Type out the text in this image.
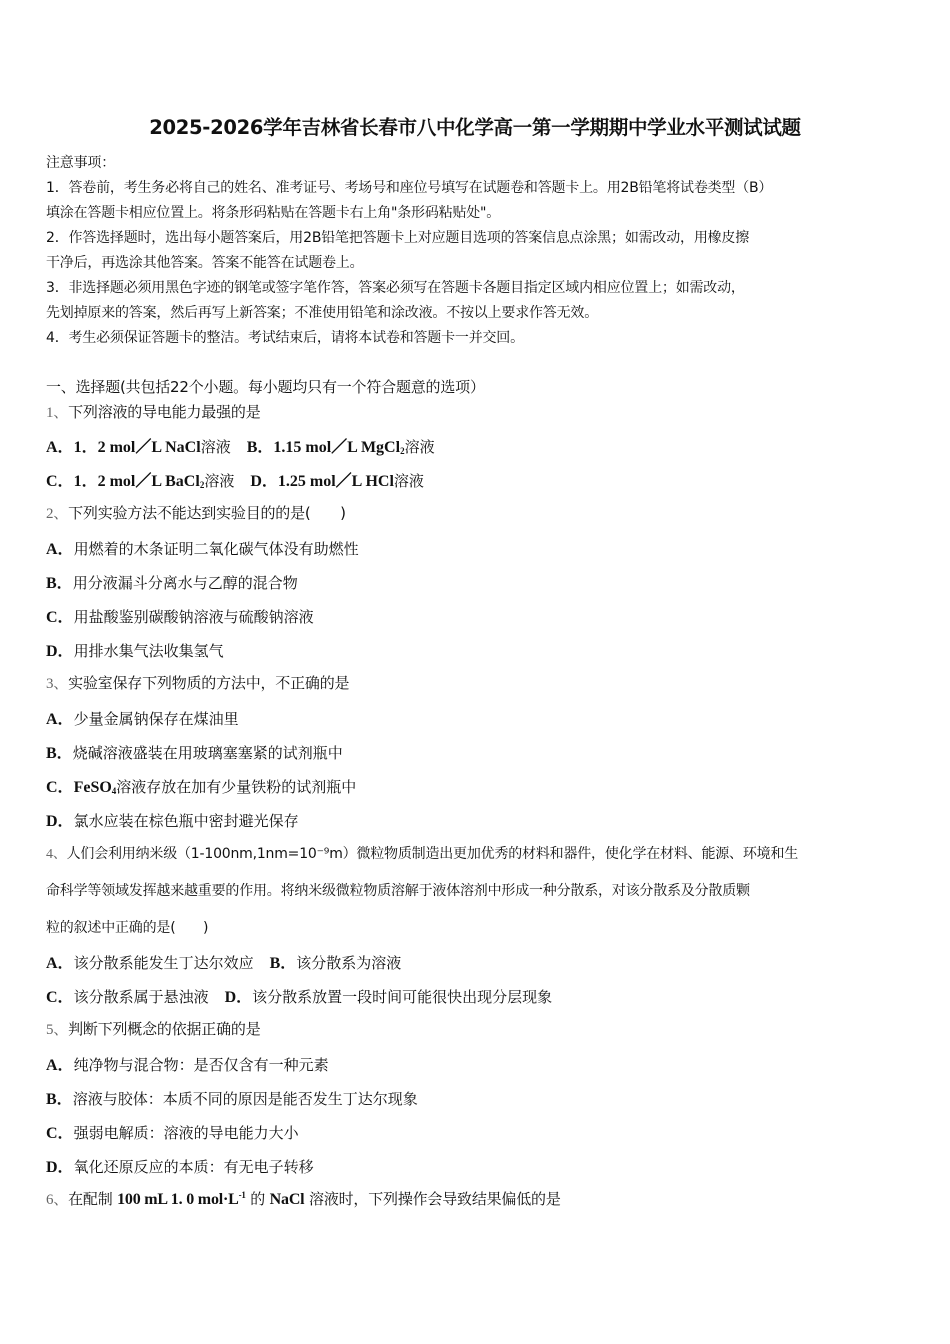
2025-2026学年吉林省长春市八中化学高一第一学期期中学业水平测试试题
注意事项：
1．答卷前，考生务必将自己的姓名、准考证号、考场号和座位号填写在试题卷和答题卡上。用2B铅笔将试卷类型（B）
填涂在答题卡相应位置上。将条形码粘贴在答题卡右上角"条形码粘贴处"。
2．作答选择题时，选出每小题答案后，用2B铅笔把答题卡上对应题目选项的答案信息点涂黑；如需改动，用橡皮擦
干净后，再选涂其他答案。答案不能答在试题卷上。
3．非选择题必须用黑色字迹的钢笔或签字笔作答，答案必须写在答题卡各题目指定区域内相应位置上；如需改动，
先划掉原来的答案，然后再写上新答案；不准使用铅笔和涂改液。不按以上要求作答无效。
4．考生必须保证答题卡的整洁。考试结束后，请将本试卷和答题卡一并交回。
一、选择题(共包括22个小题。每小题均只有一个符合题意的选项）
1、下列溶液的导电能力最强的是
A．1．2 mol／L NaCl溶液 B．1.15 mol／L MgCl$_2$溶液
C．1．2 mol／L BaCl$_2$溶液 D．1.25 mol／L HCl溶液
2、下列实验方法不能达到实验目的的是(　　)
A．用燃着的木条证明二氧化碳气体没有助燃性
B．用分液漏斗分离水与乙醇的混合物
C．用盐酸鉴别碳酸钠溶液与硫酸钠溶液
D．用排水集气法收集氢气
3、实验室保存下列物质的方法中，不正确的是
A．少量金属钠保存在煤油里
B．烧碱溶液盛装在用玻璃塞塞紧的试剂瓶中
C．FeSO$_4$溶液存放在加有少量铁粉的试剂瓶中
D．氯水应装在棕色瓶中密封避光保存
4、人们会利用纳米级（1-100nm,1nm=10⁻⁹m）微粒物质制造出更加优秀的材料和器件，使化学在材料、能源、环境和生
命科学等领域发挥越来越重要的作用。将纳米级微粒物质溶解于液体溶剂中形成一种分散系，对该分散系及分散质颗
粒的叙述中正确的是(　　)
A．该分散系能发生丁达尔效应 B．该分散系为溶液
C．该分散系属于悬浊液 D．该分散系放置一段时间可能很快出现分层现象
5、判断下列概念的依据正确的是
A．纯净物与混合物：是否仅含有一种元素
B．溶液与胶体：本质不同的原因是能否发生丁达尔现象
C．强弱电解质：溶液的导电能力大小
D．氧化还原反应的本质：有无电子转移
6、在配制 100 mL 1. 0 $mol\cdot L^{-1}$ 的 NaCl 溶液时，下列操作会导致结果偏低的是
